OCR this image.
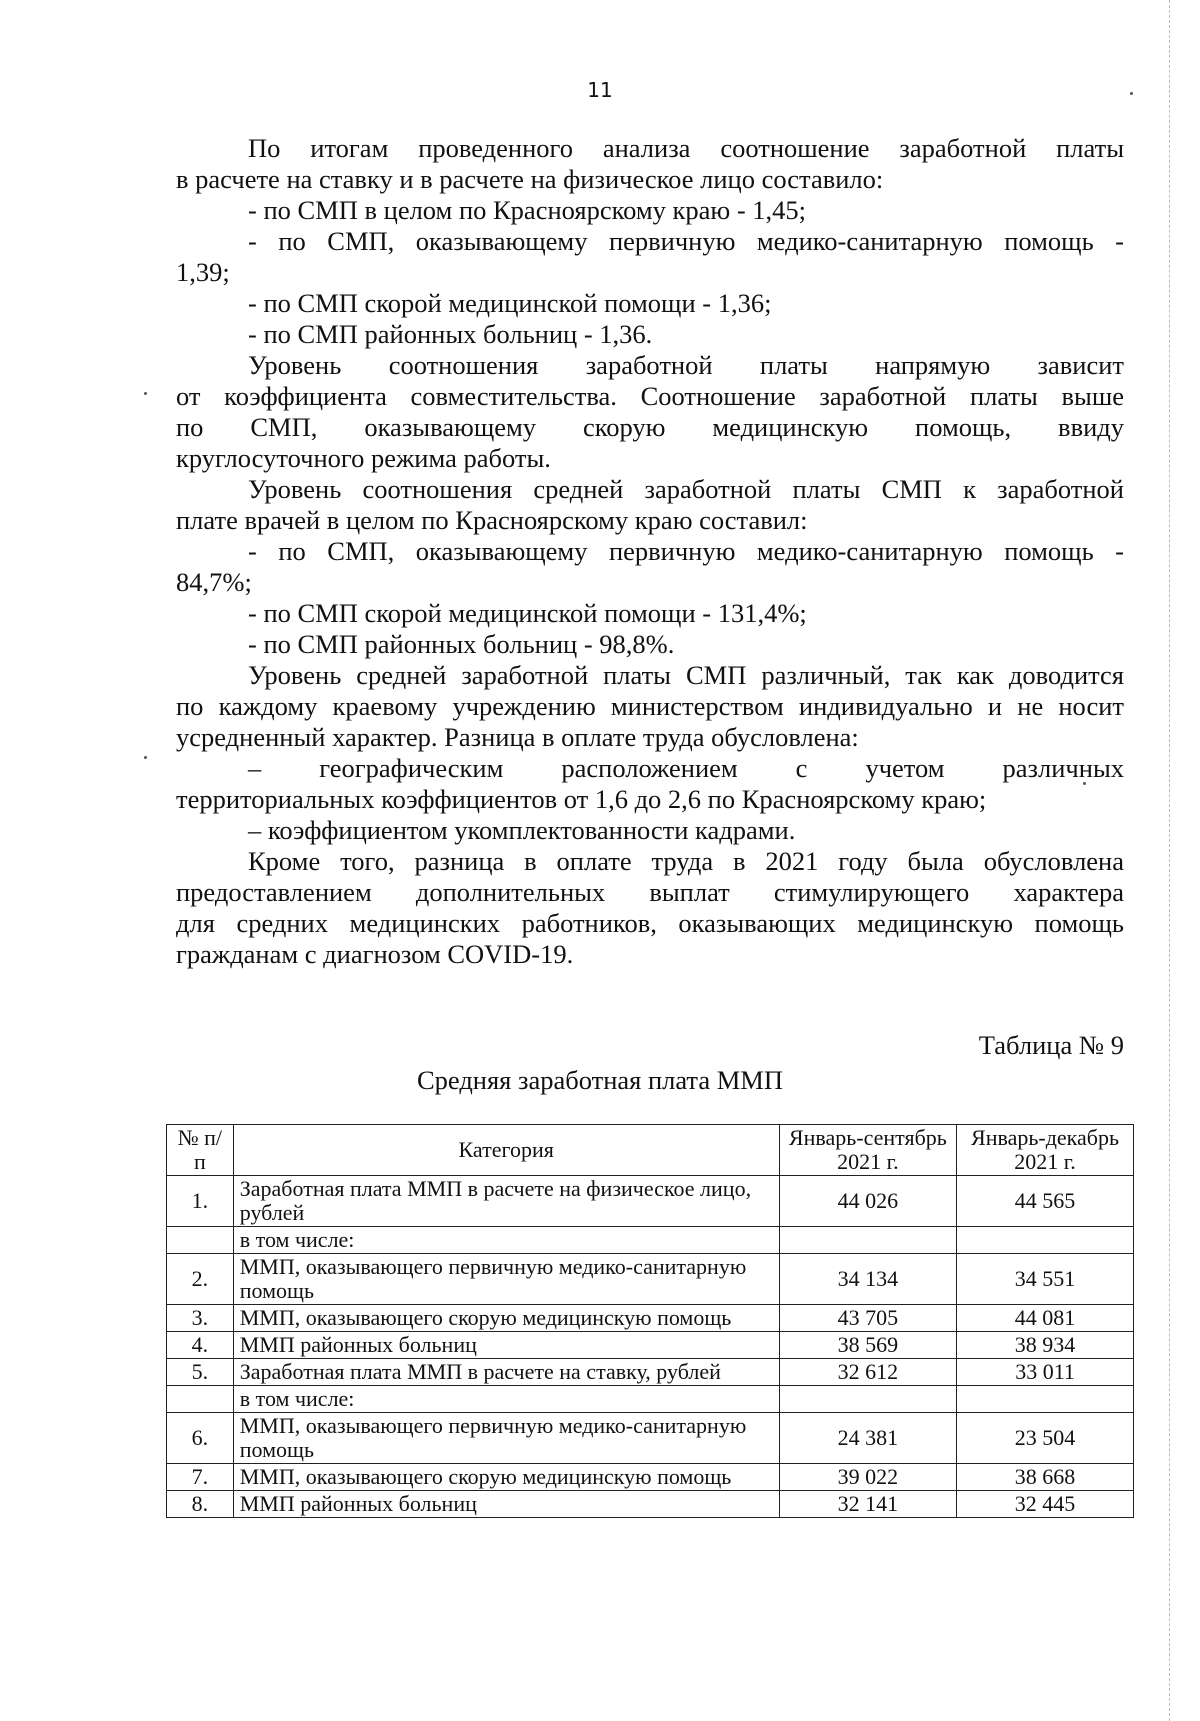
11

По итогам проведенного анализа соотношение заработной платы

в расчете на ставку и в расчете на физическое лицо составило:

- по СМП в целом по Красноярскому краю - 1,45;

- по СМП, оказывающему первичную медико-санитарную помощь -

1,39;

- по СМП скорой медицинской помощи - 1,36;

- по СМП районных больниц - 1,36.

Уровень соотношения заработной платы напрямую зависит

от коэффициента совместительства. Соотношение заработной платы выше

по СМП, оказывающему скорую медицинскую помощь, ввиду

круглосуточного режима работы.

Уровень соотношения средней заработной платы СМП к заработной

плате врачей в целом по Красноярскому краю составил:

- по СМП, оказывающему первичную медико-санитарную помощь -

84,7%;

- по СМП скорой медицинской помощи - 131,4%;

- по СМП районных больниц - 98,8%.

Уровень средней заработной платы СМП различный, так как доводится

по каждому краевому учреждению министерством индивидуально и не носит

усредненный характер. Разница в оплате труда обусловлена:

– географическим расположением с учетом различных

территориальных коэффициентов от 1,6 до 2,6 по Красноярскому краю;

– коэффициентом укомплектованности кадрами.

Кроме того, разница в оплате труда в 2021 году была обусловлена

предоставлением дополнительных выплат стимулирующего характера

для средних медицинских работников, оказывающих медицинскую помощь

гражданам с диагнозом COVID-19.

Таблица № 9
Средняя заработная плата ММП
№ п/п	Категория	Январь-сентябрь 2021 г.	Январь-декабрь 2021 г.
1.	Заработная плата ММП в расчете на физическое лицо, рублей	44 026	44 565
	в том числе:		
2.	ММП, оказывающего первичную медико-санитарную помощь	34 134	34 551
3.	ММП, оказывающего скорую медицинскую помощь	43 705	44 081
4.	ММП районных больниц	38 569	38 934
5.	Заработная плата ММП в расчете на ставку, рублей	32 612	33 011
	в том числе:		
6.	ММП, оказывающего первичную медико-санитарную помощь	24 381	23 504
7.	ММП, оказывающего скорую медицинскую помощь	39 022	38 668
8.	ММП районных больниц	32 141	32 445
